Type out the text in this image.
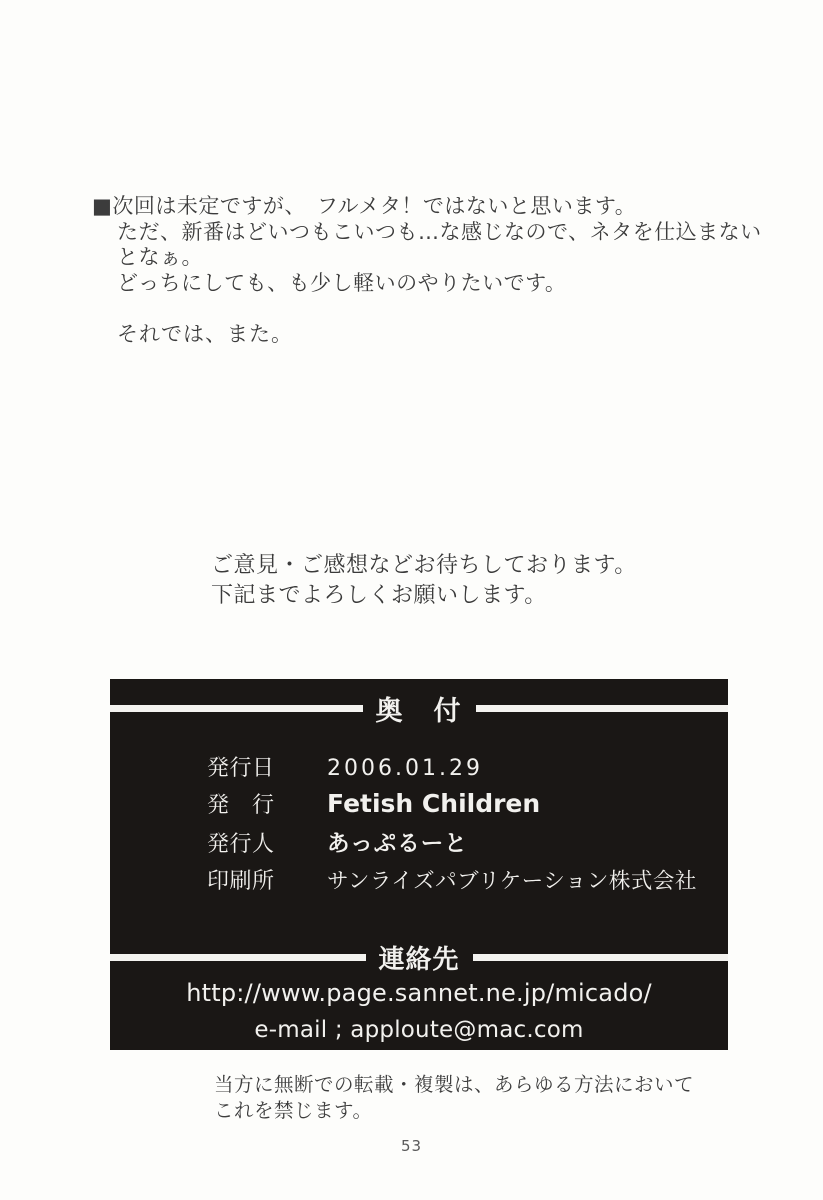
■次回は未定ですが、　フルメタ！ではないと思います。
ただ、新番はどいつもこいつも…な感じなので、ネタを仕込まない
となぁ。
どっちにしても、も少し軽いのやりたいです。
それでは、また。
ご意見・ご感想などお待ちしております。
下記までよろしくお願いします。
奥　付
発行日	2006.01.29
発　行	Fetish Children
発行人	あっぷるーと
印刷所	サンライズパブリケーション株式会社
連絡先
http://www.page.sannet.ne.jp/micado/
e-mail ; apploute@mac.com
当方に無断での転載・複製は、あらゆる方法において
これを禁じます。
53
